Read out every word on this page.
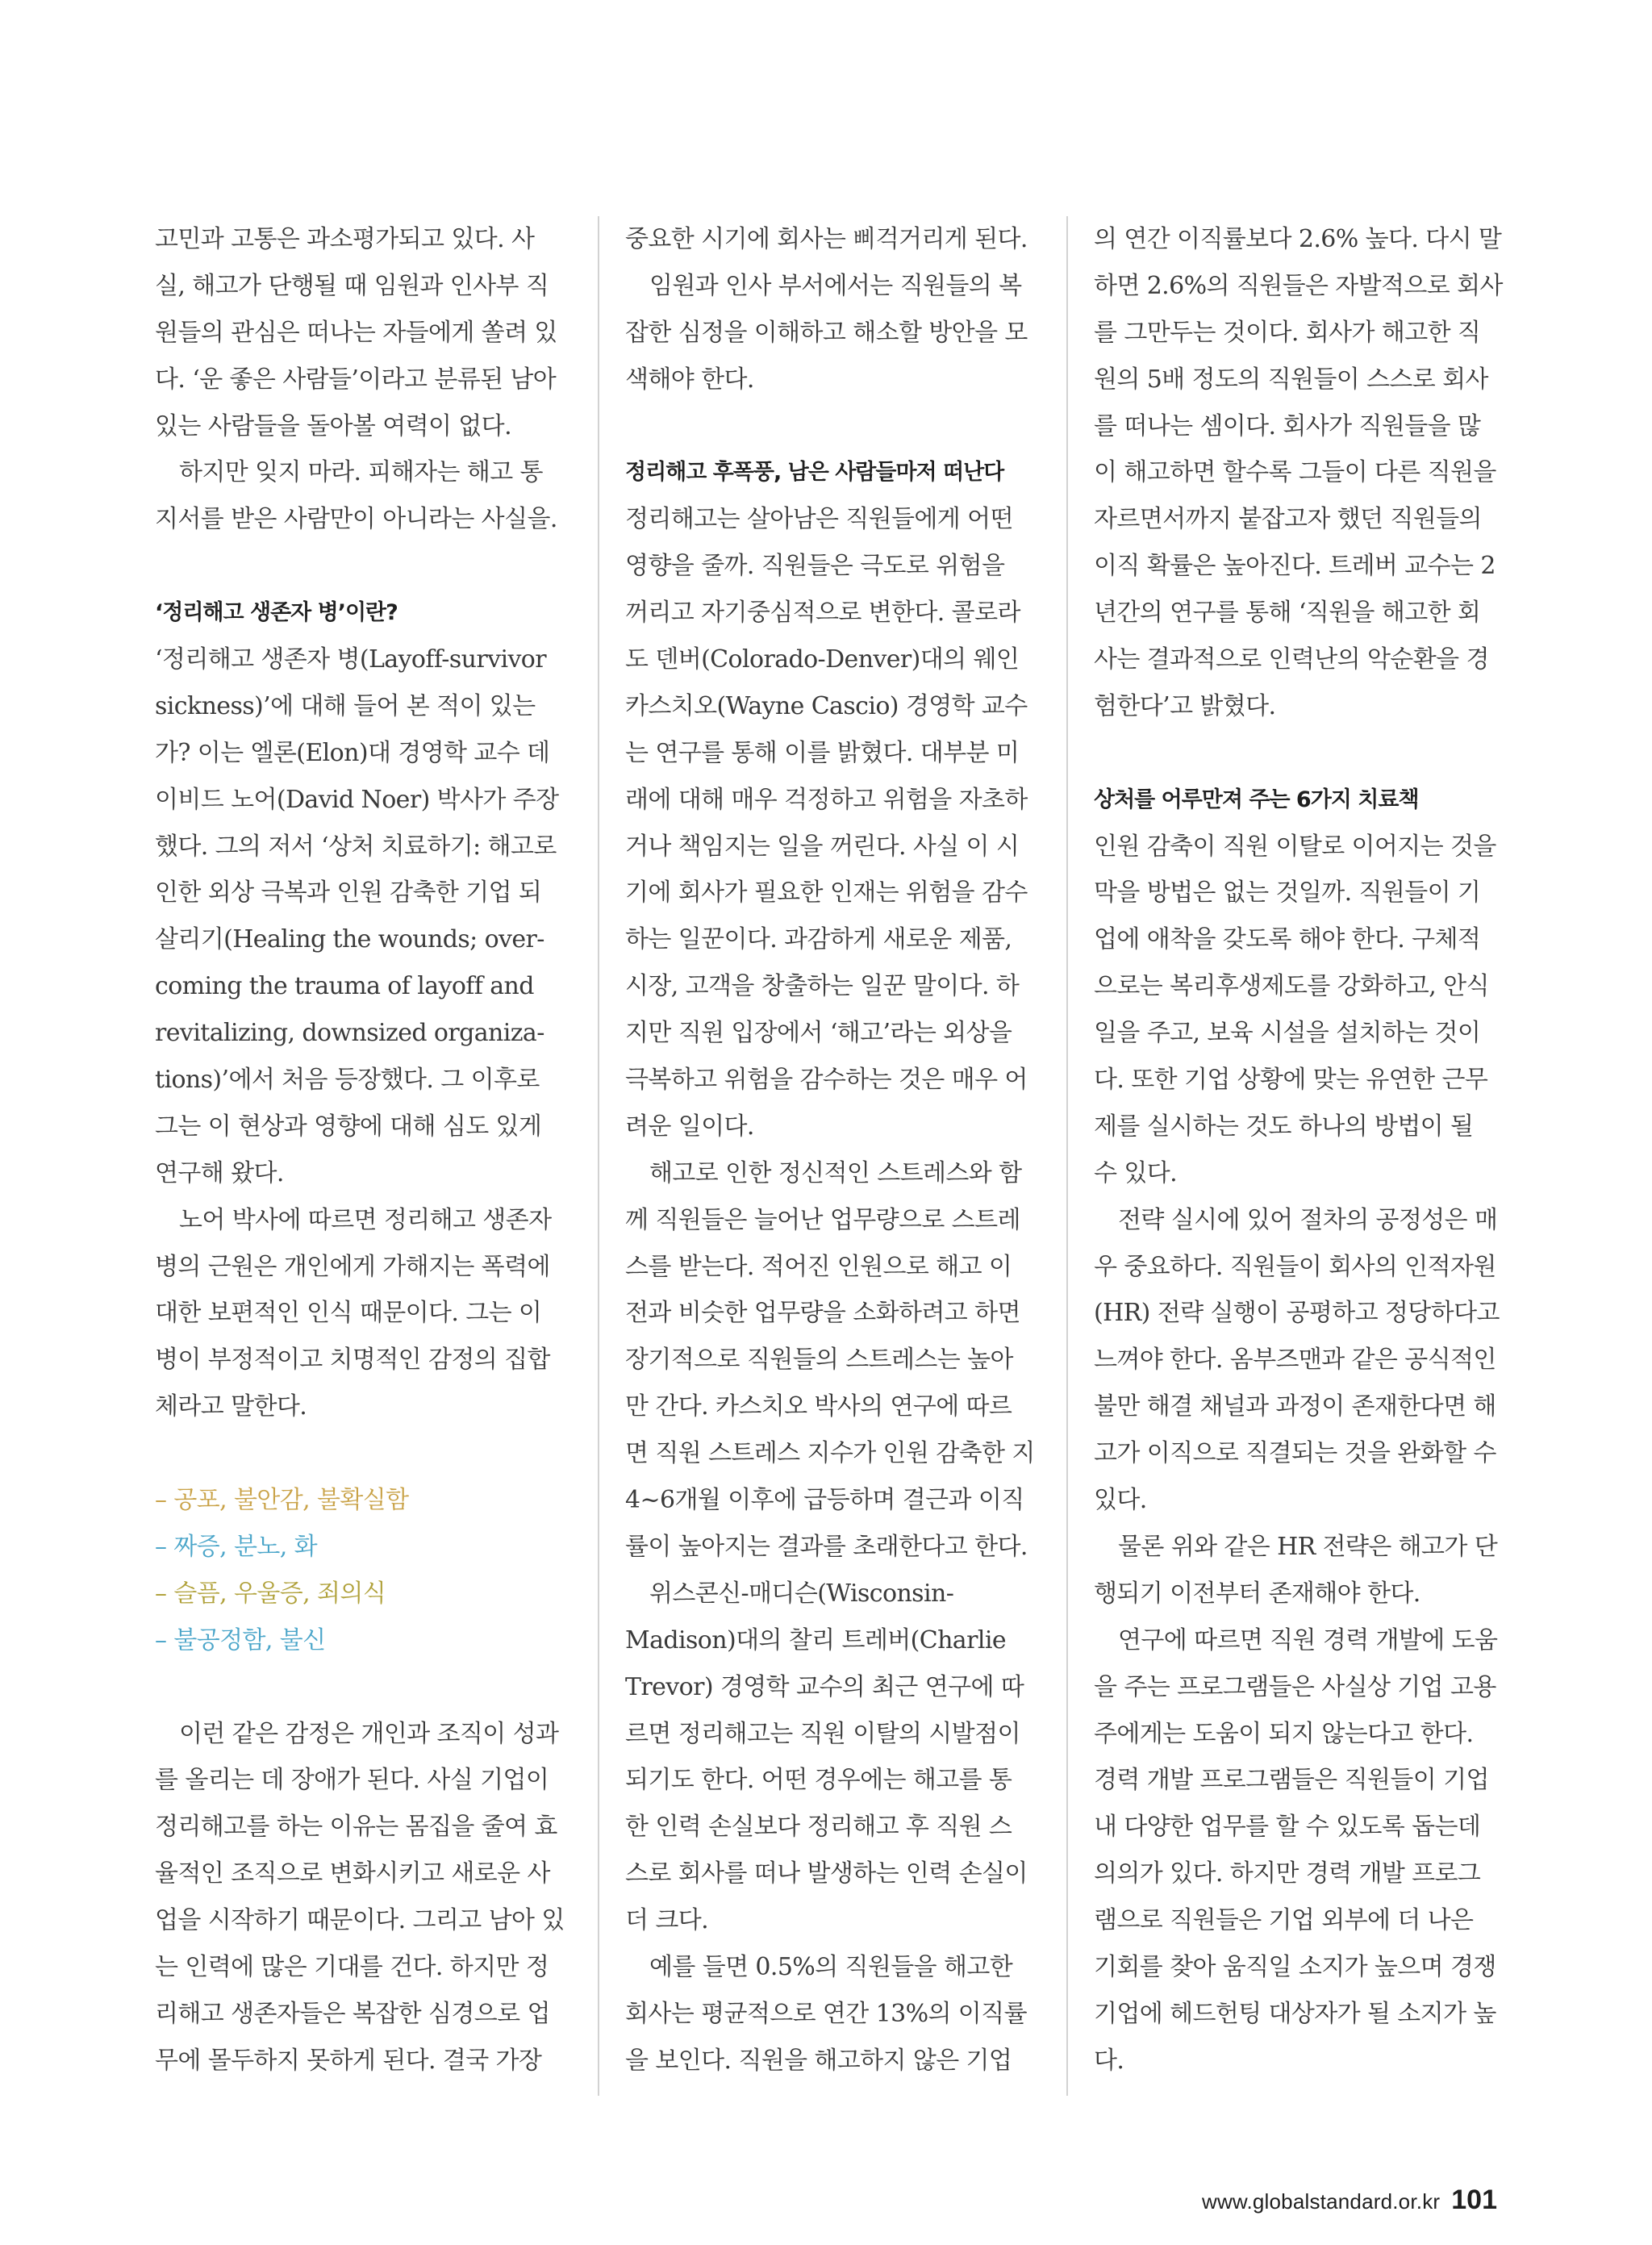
고민과 고통은 과소평가되고 있다. 사
실, 해고가 단행될 때 임원과 인사부 직
원들의 관심은 떠나는 자들에게 쏠려 있
다. ‘운 좋은 사람들’이라고 분류된 남아
있는 사람들을 돌아볼 여력이 없다.
하지만 잊지 마라. 피해자는 해고 통
지서를 받은 사람만이 아니라는 사실을.
‘정리해고 생존자 병’이란?
‘정리해고 생존자 병(Layoff-survivor
sickness)’에 대해 들어 본 적이 있는
가? 이는 엘론(Elon)대 경영학 교수 데
이비드 노어(David Noer) 박사가 주장
했다. 그의 저서 ‘상처 치료하기: 해고로
인한 외상 극복과 인원 감축한 기업 되
살리기(Healing the wounds; over-
coming the trauma of layoff and
revitalizing, downsized organiza-
tions)’에서 처음 등장했다. 그 이후로
그는 이 현상과 영향에 대해 심도 있게
연구해 왔다.
노어 박사에 따르면 정리해고 생존자
병의 근원은 개인에게 가해지는 폭력에
대한 보편적인 인식 때문이다. 그는 이
병이 부정적이고 치명적인 감정의 집합
체라고 말한다.
– 공포, 불안감, 불확실함
– 짜증, 분노, 화
– 슬픔, 우울증, 죄의식
– 불공정함, 불신
이런 같은 감정은 개인과 조직이 성과
를 올리는 데 장애가 된다. 사실 기업이
정리해고를 하는 이유는 몸집을 줄여 효
율적인 조직으로 변화시키고 새로운 사
업을 시작하기 때문이다. 그리고 남아 있
는 인력에 많은 기대를 건다. 하지만 정
리해고 생존자들은 복잡한 심경으로 업
무에 몰두하지 못하게 된다. 결국 가장
중요한 시기에 회사는 삐걱거리게 된다.
임원과 인사 부서에서는 직원들의 복
잡한 심정을 이해하고 해소할 방안을 모
색해야 한다.
정리해고 후폭풍, 남은 사람들마저 떠난다
정리해고는 살아남은 직원들에게 어떤
영향을 줄까. 직원들은 극도로 위험을
꺼리고 자기중심적으로 변한다. 콜로라
도 덴버(Colorado-Denver)대의 웨인
카스치오(Wayne Cascio) 경영학 교수
는 연구를 통해 이를 밝혔다. 대부분 미
래에 대해 매우 걱정하고 위험을 자초하
거나 책임지는 일을 꺼린다. 사실 이 시
기에 회사가 필요한 인재는 위험을 감수
하는 일꾼이다. 과감하게 새로운 제품,
시장, 고객을 창출하는 일꾼 말이다. 하
지만 직원 입장에서 ‘해고’라는 외상을
극복하고 위험을 감수하는 것은 매우 어
려운 일이다.
해고로 인한 정신적인 스트레스와 함
께 직원들은 늘어난 업무량으로 스트레
스를 받는다. 적어진 인원으로 해고 이
전과 비슷한 업무량을 소화하려고 하면
장기적으로 직원들의 스트레스는 높아
만 간다. 카스치오 박사의 연구에 따르
면 직원 스트레스 지수가 인원 감축한 지
4~6개월 이후에 급등하며 결근과 이직
률이 높아지는 결과를 초래한다고 한다.
위스콘신-매디슨(Wisconsin-
Madison)대의 찰리 트레버(Charlie
Trevor) 경영학 교수의 최근 연구에 따
르면 정리해고는 직원 이탈의 시발점이
되기도 한다. 어떤 경우에는 해고를 통
한 인력 손실보다 정리해고 후 직원 스
스로 회사를 떠나 발생하는 인력 손실이
더 크다.
예를 들면 0.5%의 직원들을 해고한
회사는 평균적으로 연간 13%의 이직률
을 보인다. 직원을 해고하지 않은 기업
의 연간 이직률보다 2.6% 높다. 다시 말
하면 2.6%의 직원들은 자발적으로 회사
를 그만두는 것이다. 회사가 해고한 직
원의 5배 정도의 직원들이 스스로 회사
를 떠나는 셈이다. 회사가 직원들을 많
이 해고하면 할수록 그들이 다른 직원을
자르면서까지 붙잡고자 했던 직원들의
이직 확률은 높아진다. 트레버 교수는 2
년간의 연구를 통해 ‘직원을 해고한 회
사는 결과적으로 인력난의 악순환을 경
험한다’고 밝혔다.
상처를 어루만져 주는 6가지 치료책
인원 감축이 직원 이탈로 이어지는 것을
막을 방법은 없는 것일까. 직원들이 기
업에 애착을 갖도록 해야 한다. 구체적
으로는 복리후생제도를 강화하고, 안식
일을 주고, 보육 시설을 설치하는 것이
다. 또한 기업 상황에 맞는 유연한 근무
제를 실시하는 것도 하나의 방법이 될
수 있다.
전략 실시에 있어 절차의 공정성은 매
우 중요하다. 직원들이 회사의 인적자원
(HR) 전략 실행이 공평하고 정당하다고
느껴야 한다. 옴부즈맨과 같은 공식적인
불만 해결 채널과 과정이 존재한다면 해
고가 이직으로 직결되는 것을 완화할 수
있다.
물론 위와 같은 HR 전략은 해고가 단
행되기 이전부터 존재해야 한다.
연구에 따르면 직원 경력 개발에 도움
을 주는 프로그램들은 사실상 기업 고용
주에게는 도움이 되지 않는다고 한다.
경력 개발 프로그램들은 직원들이 기업
내 다양한 업무를 할 수 있도록 돕는데
의의가 있다. 하지만 경력 개발 프로그
램으로 직원들은 기업 외부에 더 나은
기회를 찾아 움직일 소지가 높으며 경쟁
기업에 헤드헌팅 대상자가 될 소지가 높
다.
www.globalstandard.or.kr 101
